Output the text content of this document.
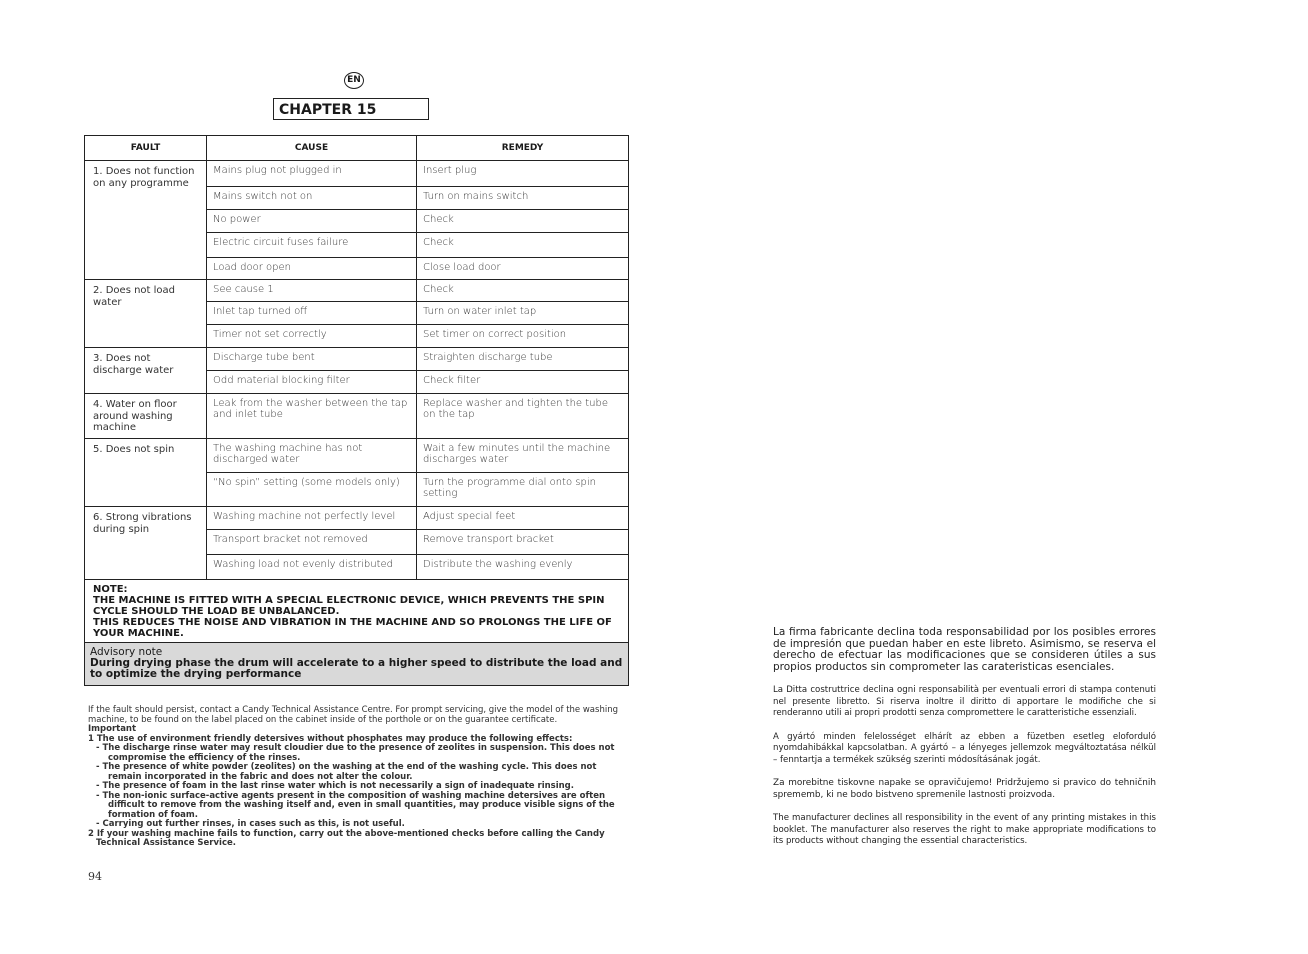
EN
CHAPTER 15
FAULT	CAUSE	REMEDY
1. Does not function on any programme	Mains plug not plugged in	Insert plug
	Mains switch not on	Turn on mains switch
	No power	Check
	Electric circuit fuses failure	Check
	Load door open	Close load door
2. Does not load water	See cause 1	Check
	Inlet tap turned off	Turn on water inlet tap
	Timer not set correctly	Set timer on correct position
3. Does not discharge water	Discharge tube bent	Straighten discharge tube
	Odd material blocking filter	Check filter
4. Water on floor around washing machine	Leak from the washer between the tap and inlet tube	Replace washer and tighten the tube on the tap
5. Does not spin	The washing machine has not discharged water	Wait a few minutes until the machine discharges water
	“No spin” setting (some models only)	Turn the programme dial onto spin setting
6. Strong vibrations during spin	Washing machine not perfectly level	Adjust special feet
	Transport bracket not removed	Remove transport bracket
	Washing load not evenly distributed	Distribute the washing evenly

NOTE:
THE MACHINE IS FITTED WITH A SPECIAL ELECTRONIC DEVICE, WHICH PREVENTS THE SPIN CYCLE SHOULD THE LOAD BE UNBALANCED.
THIS REDUCES THE NOISE AND VIBRATION IN THE MACHINE AND SO PROLONGS THE LIFE OF YOUR MACHINE.		

Advisory note
During drying phase the drum will accelerate to a higher speed to distribute the load and to optimize the drying performance		
If the fault should persist, contact a Candy Technical Assistance Centre. For prompt servicing, give the model of the washing machine, to be found on the label placed on the cabinet inside of the porthole or on the guarantee certificate.
Important
1 The use of environment friendly detersives without phosphates may produce the following effects:
- The discharge rinse water may result cloudier due to the presence of zeolites in suspension. This does not compromise the efficiency of the rinses.
- The presence of white powder (zeolites) on the washing at the end of the washing cycle. This does not remain incorporated in the fabric and does not alter the colour.
- The presence of foam in the last rinse water which is not necessarily a sign of inadequate rinsing.
- The non-ionic surface-active agents present in the composition of washing machine detersives are often difficult to remove from the washing itself and, even in small quantities, may produce visible signs of the formation of foam.
- Carrying out further rinses, in cases such as this, is not useful.
2 If your washing machine fails to function, carry out the above-mentioned checks before calling the Candy Technical Assistance Service.
94

La firma fabricante declina toda responsabilidad por los posibles errores de impresión que puedan haber en este libreto. Asimismo, se reserva el derecho de efectuar las modificaciones que se consideren útiles a sus propios productos sin comprometer las carateristicas esenciales.

La Ditta costruttrice declina ogni responsabilità per eventuali errori di stampa contenuti nel presente libretto. Si riserva inoltre il diritto di apportare le modifiche che si renderanno utili ai propri prodotti senza compromettere le caratteristiche essenziali.

A gyártó minden felelosséget elhárít az ebben a füzetben esetleg eloforduló nyomdahibákkal kapcsolatban. A gyártó – a lényeges jellemzok megváltoztatása nélkül – fenntartja a termékek szükség szerinti módosításának jogát.

Za morebitne tiskovne napake se opravičujemo! Pridržujemo si pravico do tehničnih sprememb, ki ne bodo bistveno spremenile lastnosti proizvoda.

The manufacturer declines all responsibility in the event of any printing mistakes in this booklet. The manufacturer also reserves the right to make appropriate modifications to its products without changing the essential characteristics.
